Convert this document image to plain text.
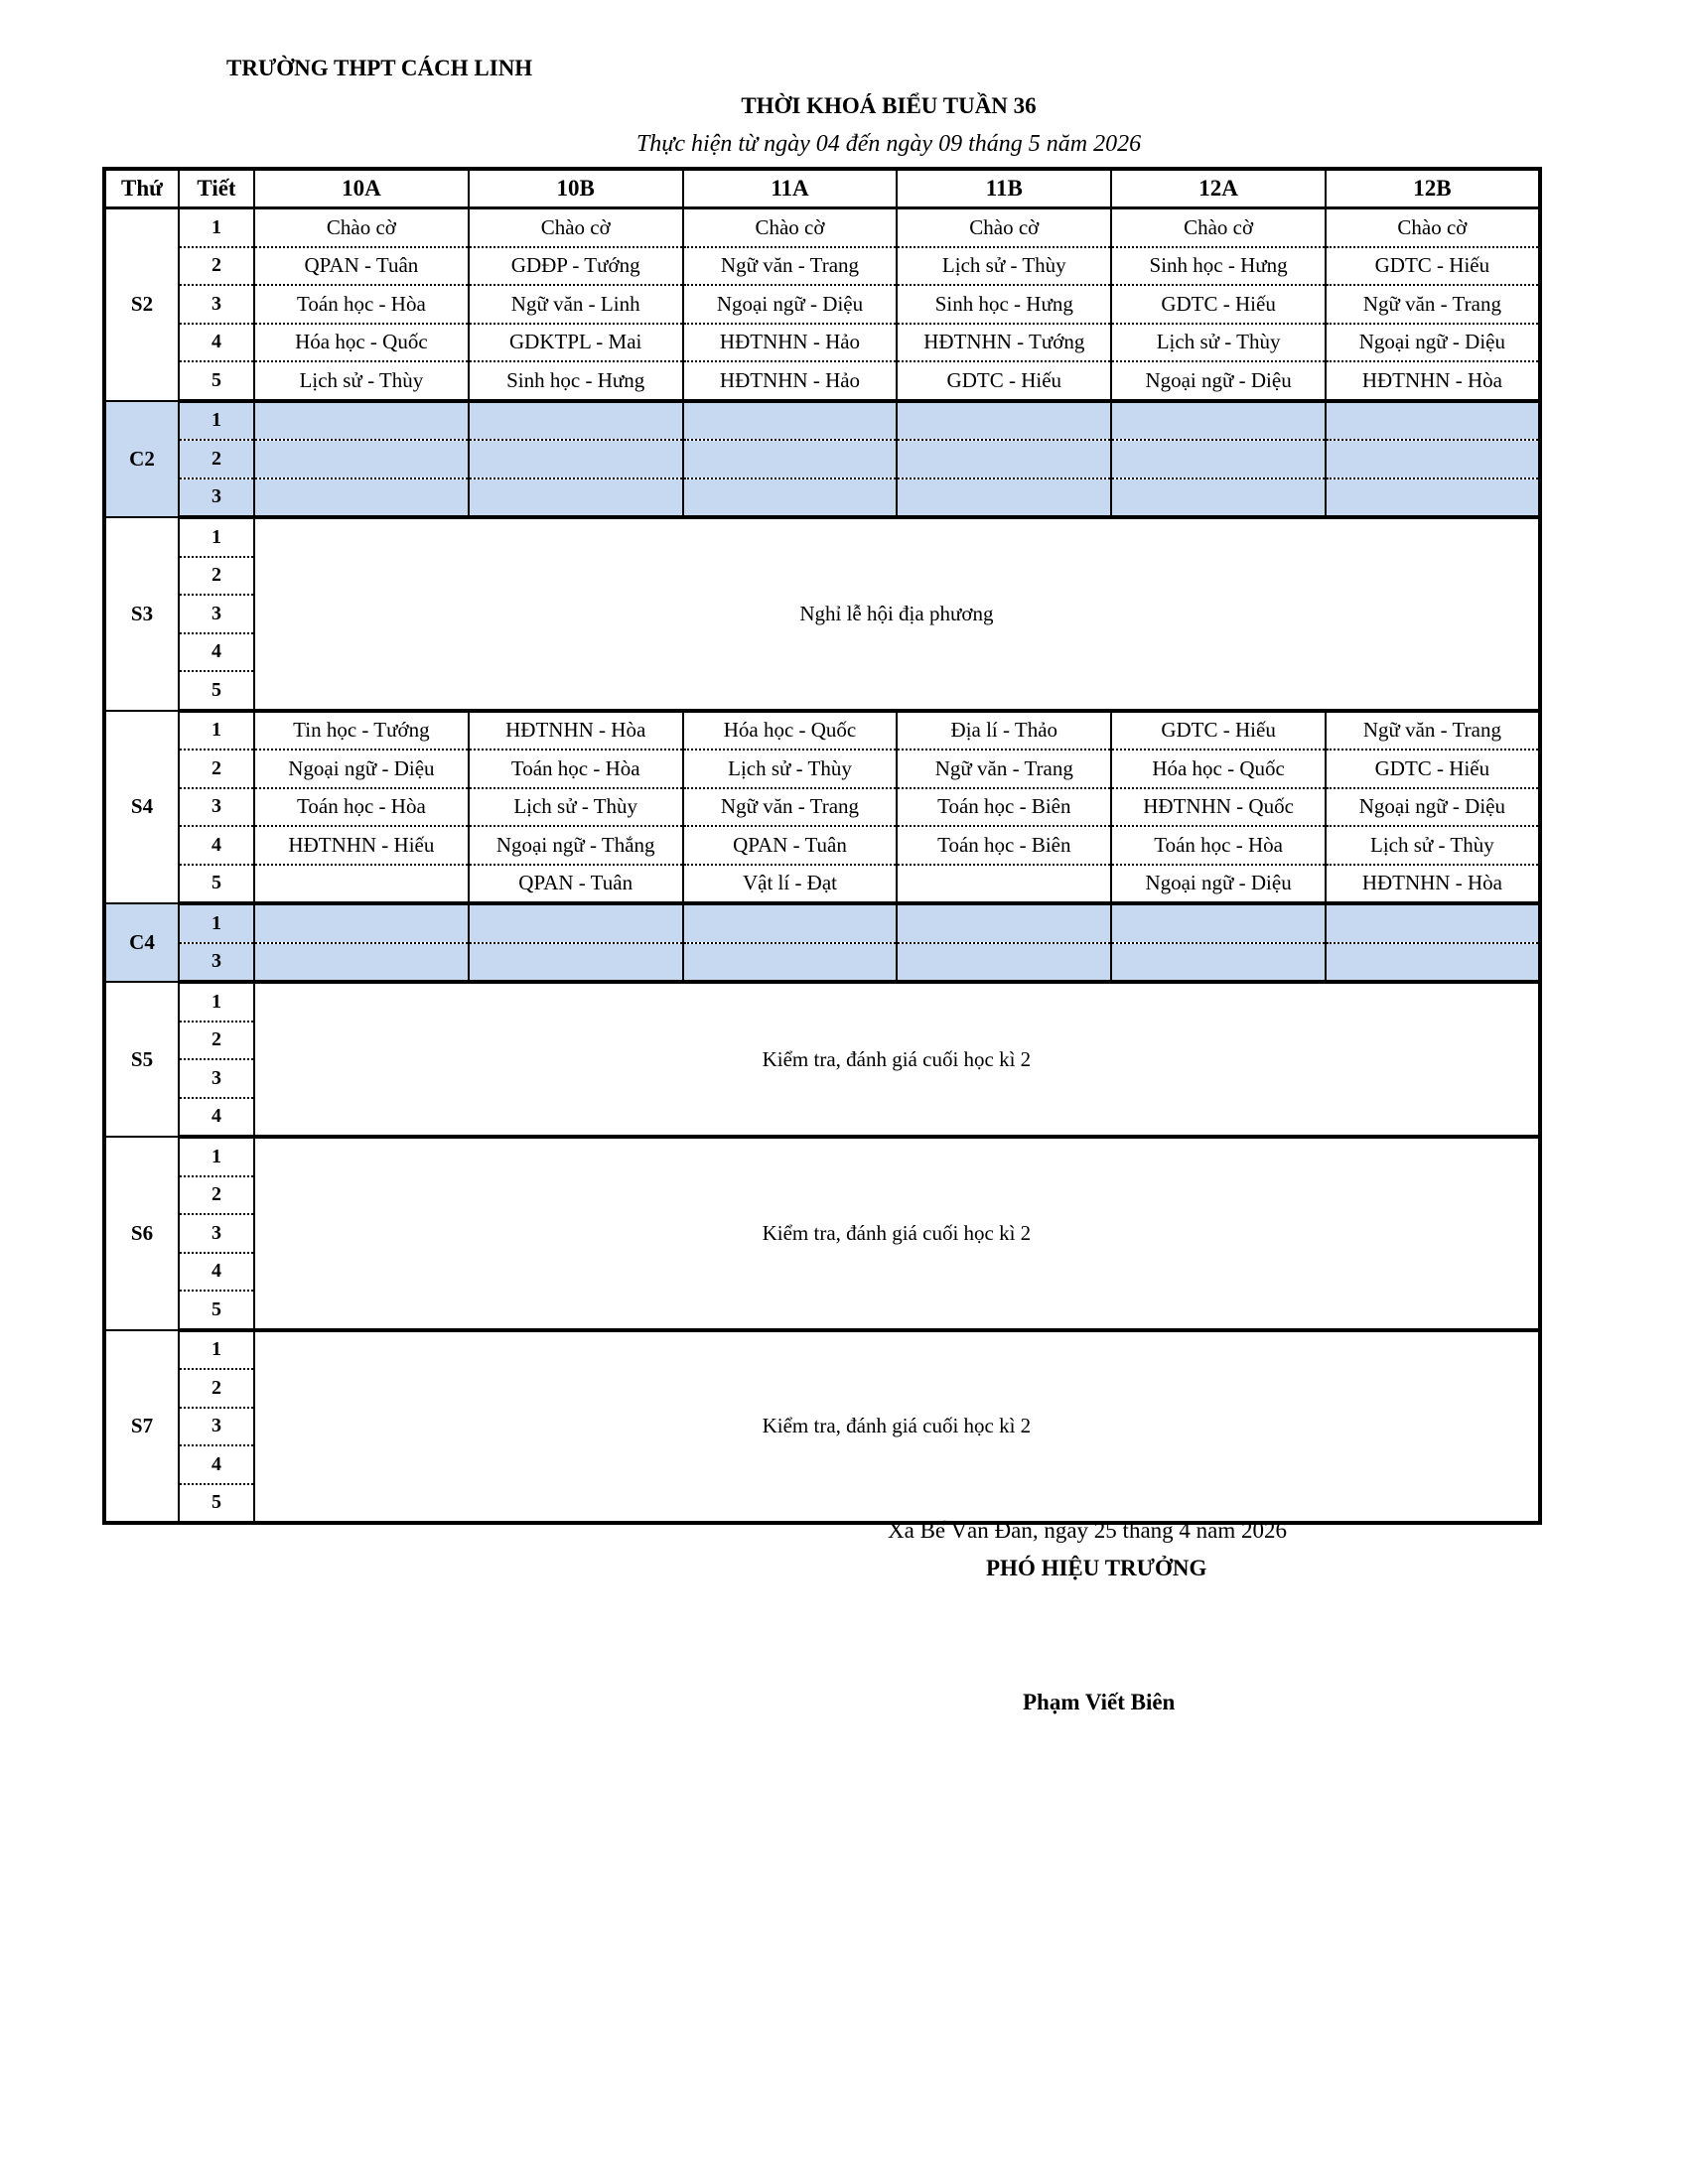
TRƯỜNG THPT CÁCH LINH
THỜI KHOÁ BIỂU TUẦN 36
Thực hiện từ ngày 04 đến ngày 09 tháng 5 năm 2026
Thứ	Tiết	10A	10B	11A	11B	12A	12B
S2	1	Chào cờ	Chào cờ	Chào cờ	Chào cờ	Chào cờ	Chào cờ
	2	QPAN - Tuân	GDĐP - Tướng	Ngữ văn - Trang	Lịch sử - Thùy	Sinh học - Hưng	GDTC - Hiếu
	3	Toán học - Hòa	Ngữ văn - Linh	Ngoại ngữ - Diệu	Sinh học - Hưng	GDTC - Hiếu	Ngữ văn - Trang
	4	Hóa học - Quốc	GDKTPL - Mai	HĐTNHN - Hảo	HĐTNHN - Tướng	Lịch sử - Thùy	Ngoại ngữ - Diệu
	5	Lịch sử - Thùy	Sinh học - Hưng	HĐTNHN - Hảo	GDTC - Hiếu	Ngoại ngữ - Diệu	HĐTNHN - Hòa
C2	1						
	2						
	3						
S3	1	Nghỉ lễ hội địa phương					
	2						
	3						
	4						
	5						
S4	1	Tin học - Tướng	HĐTNHN - Hòa	Hóa học - Quốc	Địa lí - Thảo	GDTC - Hiếu	Ngữ văn - Trang
	2	Ngoại ngữ - Diệu	Toán học - Hòa	Lịch sử - Thùy	Ngữ văn - Trang	Hóa học - Quốc	GDTC - Hiếu
	3	Toán học - Hòa	Lịch sử - Thùy	Ngữ văn - Trang	Toán học - Biên	HĐTNHN - Quốc	Ngoại ngữ - Diệu
	4	HĐTNHN - Hiếu	Ngoại ngữ - Thắng	QPAN - Tuân	Toán học - Biên	Toán học - Hòa	Lịch sử - Thùy
	5		QPAN - Tuân	Vật lí - Đạt		Ngoại ngữ - Diệu	HĐTNHN - Hòa
C4	1						
	3						
S5	1	Kiểm tra, đánh giá cuối học kì 2					
	2						
	3						
	4						
S6	1	Kiểm tra, đánh giá cuối học kì 2					
	2						
	3						
	4						
	5						
S7	1	Kiểm tra, đánh giá cuối học kì 2					
	2						
	3						
	4						
	5						
Xã Bế Văn Đàn, ngày 25 tháng 4 năm 2026
PHÓ HIỆU TRƯỞNG
Phạm Viết Biên
